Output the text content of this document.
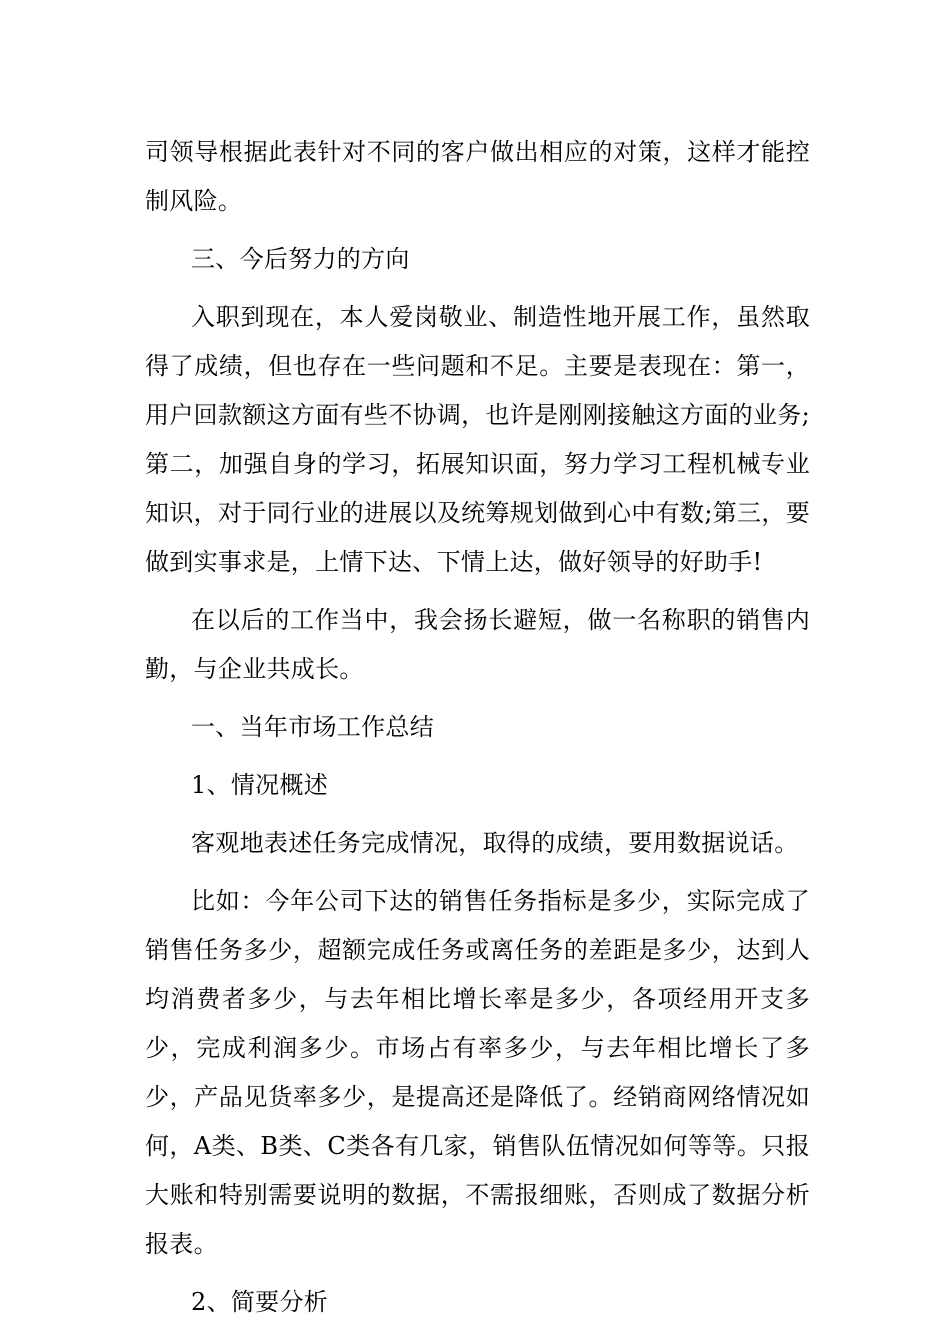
司领导根据此表针对不同的客户做出相应的对策，这样才能控制风险。

三、今后努力的方向

入职到现在，本人爱岗敬业、制造性地开展工作，虽然取得了成绩，但也存在一些问题和不足。主要是表现在：第一，用户回款额这方面有些不协调，也许是刚刚接触这方面的业务;第二，加强自身的学习，拓展知识面，努力学习工程机械专业知识，对于同行业的进展以及统筹规划做到心中有数;第三，要做到实事求是，上情下达、下情上达，做好领导的好助手!

在以后的工作当中，我会扬长避短，做一名称职的销售内勤，与企业共成长。

一、当年市场工作总结

1、情况概述

客观地表述任务完成情况，取得的成绩，要用数据说话。

比如：今年公司下达的销售任务指标是多少，实际完成了销售任务多少，超额完成任务或离任务的差距是多少，达到人均消费者多少，与去年相比增长率是多少，各项经用开支多少，完成利润多少。市场占有率多少，与去年相比增长了多少，产品见货率多少，是提高还是降低了。经销商网络情况如何，A类、B类、C类各有几家，销售队伍情况如何等等。只报大账和特别需要说明的数据，不需报细账，否则成了数据分析报表。

2、简要分析
